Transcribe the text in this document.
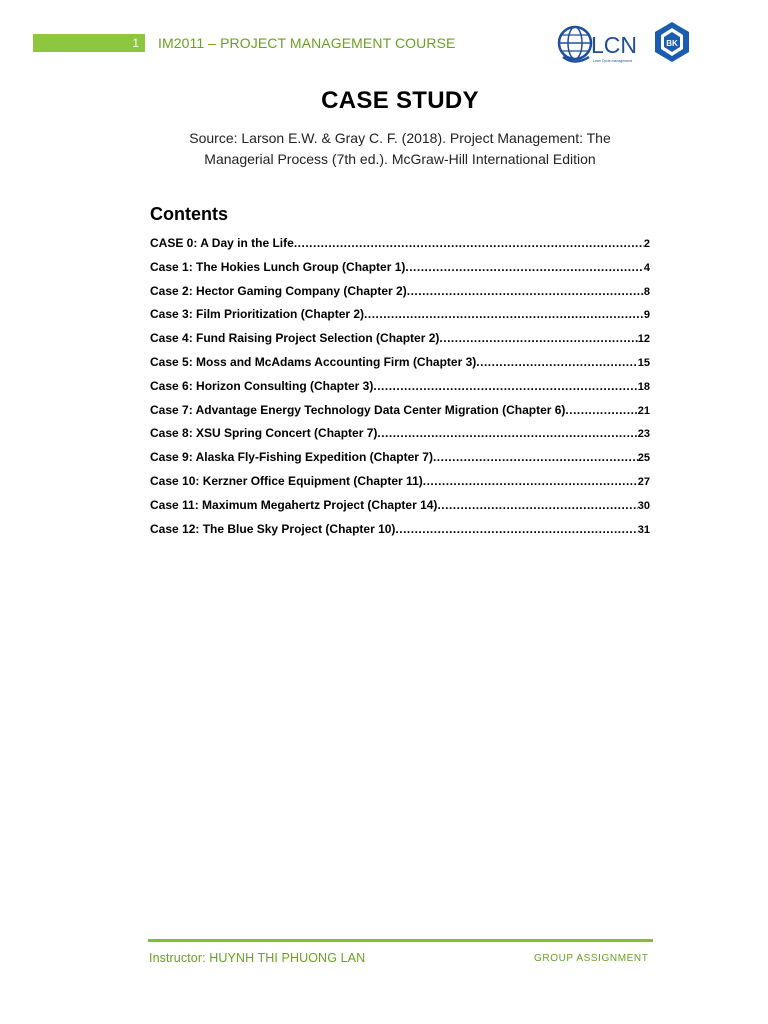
1 IM2011 – PROJECT MANAGEMENT COURSE	LCN
Lean Cycle management
BK
CASE STUDY
Source: Larson E.W. & Gray C. F. (2018). Project Management: The
Managerial Process (7th ed.). McGraw-Hill International Edition
Contents
CASE 0: A Day in the Life .....	2
Case 1: The Hokies Lunch Group (Chapter 1) .....	4
Case 2: Hector Gaming Company (Chapter 2) .....	8
Case 3: Film Prioritization (Chapter 2) .....	9
Case 4: Fund Raising Project Selection (Chapter 2) .....	12
Case 5: Moss and McAdams Accounting Firm (Chapter 3) .....	15
Case 6: Horizon Consulting (Chapter 3) .....	18
Case 7: Advantage Energy Technology Data Center Migration (Chapter 6) .....	21
Case 8: XSU Spring Concert (Chapter 7) .....	23
Case 9: Alaska Fly-Fishing Expedition (Chapter 7) .....	25
Case 10: Kerzner Office Equipment (Chapter 11) .....	27
Case 11: Maximum Megahertz Project (Chapter 14) .....	30
Case 12: The Blue Sky Project (Chapter 10) .....	31
Instructor: HUYNH THI PHUONG LAN	GROUP ASSIGNMENT
